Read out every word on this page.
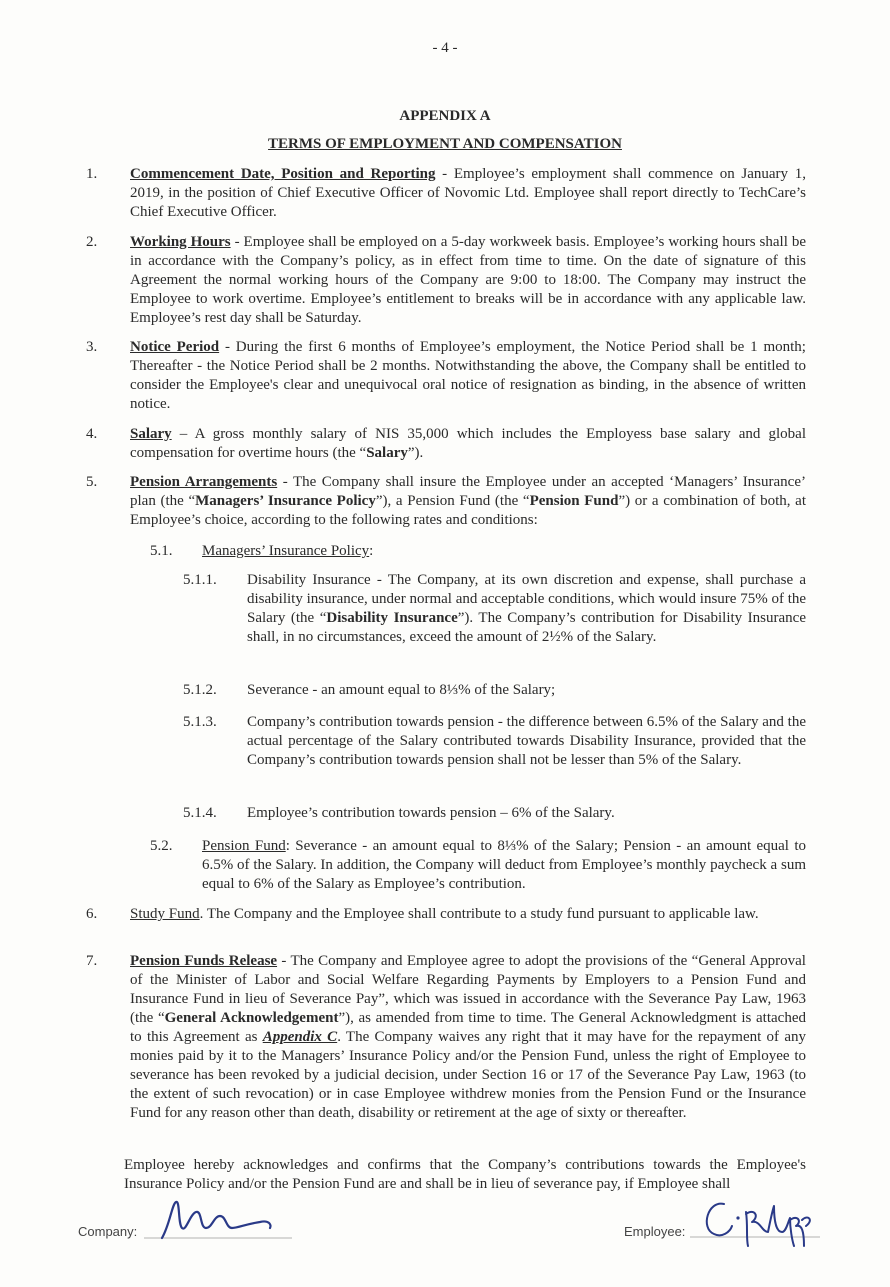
- 4 -
APPENDIX A
TERMS OF EMPLOYMENT AND COMPENSATION
1. Commencement Date, Position and Reporting - Employee’s employment shall commence on January 1, 2019, in the position of Chief Executive Officer of Novomic Ltd. Employee shall report directly to TechCare’s Chief Executive Officer.
2. Working Hours - Employee shall be employed on a 5-day workweek basis. Employee’s working hours shall be in accordance with the Company’s policy, as in effect from time to time. On the date of signature of this Agreement the normal working hours of the Company are 9:00 to 18:00. The Company may instruct the Employee to work overtime. Employee’s entitlement to breaks will be in accordance with any applicable law. Employee’s rest day shall be Saturday.
3. Notice Period - During the first 6 months of Employee’s employment, the Notice Period shall be 1 month; Thereafter - the Notice Period shall be 2 months. Notwithstanding the above, the Company shall be entitled to consider the Employee's clear and unequivocal oral notice of resignation as binding, in the absence of written notice.
4. Salary – A gross monthly salary of NIS 35,000 which includes the Employess base salary and global compensation for overtime hours (the “Salary”).
5. Pension Arrangements - The Company shall insure the Employee under an accepted ‘Managers’ Insurance’ plan (the “Managers’ Insurance Policy”), a Pension Fund (the “Pension Fund”) or a combination of both, at Employee’s choice, according to the following rates and conditions:
5.1. Managers’ Insurance Policy:
5.1.1. Disability Insurance - The Company, at its own discretion and expense, shall purchase a disability insurance, under normal and acceptable conditions, which would insure 75% of the Salary (the “Disability Insurance”). The Company’s contribution for Disability Insurance shall, in no circumstances, exceed the amount of 2½% of the Salary.
5.1.2. Severance - an amount equal to 8⅓% of the Salary;
5.1.3. Company’s contribution towards pension - the difference between 6.5% of the Salary and the actual percentage of the Salary contributed towards Disability Insurance, provided that the Company’s contribution towards pension shall not be lesser than 5% of the Salary.
5.1.4. Employee’s contribution towards pension – 6% of the Salary.
5.2. Pension Fund: Severance - an amount equal to 8⅓% of the Salary; Pension - an amount equal to 6.5% of the Salary. In addition, the Company will deduct from Employee’s monthly paycheck a sum equal to 6% of the Salary as Employee’s contribution.
6. Study Fund. The Company and the Employee shall contribute to a study fund pursuant to applicable law.
7. Pension Funds Release - The Company and Employee agree to adopt the provisions of the “General Approval of the Minister of Labor and Social Welfare Regarding Payments by Employers to a Pension Fund and Insurance Fund in lieu of Severance Pay”, which was issued in accordance with the Severance Pay Law, 1963 (the “General Acknowledgement”), as amended from time to time. The General Acknowledgment is attached to this Agreement as Appendix C. The Company waives any right that it may have for the repayment of any monies paid by it to the Managers’ Insurance Policy and/or the Pension Fund, unless the right of Employee to severance has been revoked by a judicial decision, under Section 16 or 17 of the Severance Pay Law, 1963 (to the extent of such revocation) or in case Employee withdrew monies from the Pension Fund or the Insurance Fund for any reason other than death, disability or retirement at the age of sixty or thereafter.
Employee hereby acknowledges and confirms that the Company’s contributions towards the Employee's Insurance Policy and/or the Pension Fund are and shall be in lieu of severance pay, if Employee shall
Company:	Employee:
